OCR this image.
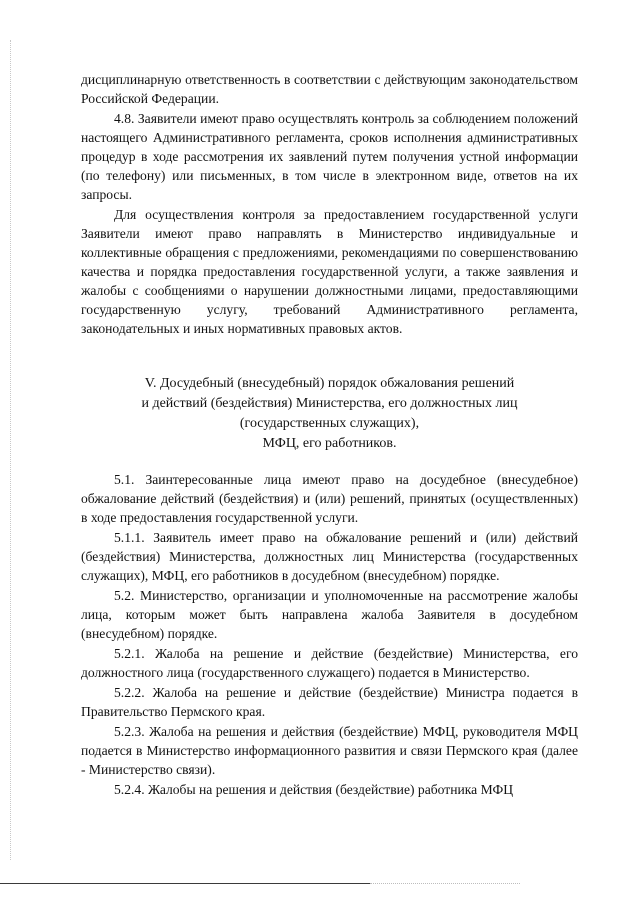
дисциплинарную ответственность в соответствии с действующим законодательством Российской Федерации.

4.8. Заявители имеют право осуществлять контроль за соблюдением положений настоящего Административного регламента, сроков исполнения административных процедур в ходе рассмотрения их заявлений путем получения устной информации (по телефону) или письменных, в том числе в электронном виде, ответов на их запросы.

Для осуществления контроля за предоставлением государственной услуги Заявители имеют право направлять в Министерство индивидуальные и коллективные обращения с предложениями, рекомендациями по совершенствованию качества и порядка предоставления государственной услуги, а также заявления и жалобы с сообщениями о нарушении должностными лицами, предоставляющими государственную услугу, требований Административного регламента, законодательных и иных нормативных правовых актов.

V. Досудебный (внесудебный) порядок обжалования решений
и действий (бездействия) Министерства, его должностных лиц
(государственных служащих),
МФЦ, его работников.

5.1. Заинтересованные лица имеют право на досудебное (внесудебное) обжалование действий (бездействия) и (или) решений, принятых (осуществленных) в ходе предоставления государственной услуги.

5.1.1. Заявитель имеет право на обжалование решений и (или) действий (бездействия) Министерства, должностных лиц Министерства (государственных служащих), МФЦ, его работников в досудебном (внесудебном) порядке.

5.2. Министерство, организации и уполномоченные на рассмотрение жалобы лица, которым может быть направлена жалоба Заявителя в досудебном (внесудебном) порядке.

5.2.1. Жалоба на решение и действие (бездействие) Министерства, его должностного лица (государственного служащего) подается в Министерство.

5.2.2. Жалоба на решение и действие (бездействие) Министра подается в Правительство Пермского края.

5.2.3. Жалоба на решения и действия (бездействие) МФЦ, руководителя МФЦ подается в Министерство информационного развития и связи Пермского края (далее - Министерство связи).

5.2.4. Жалобы на решения и действия (бездействие) работника МФЦ
